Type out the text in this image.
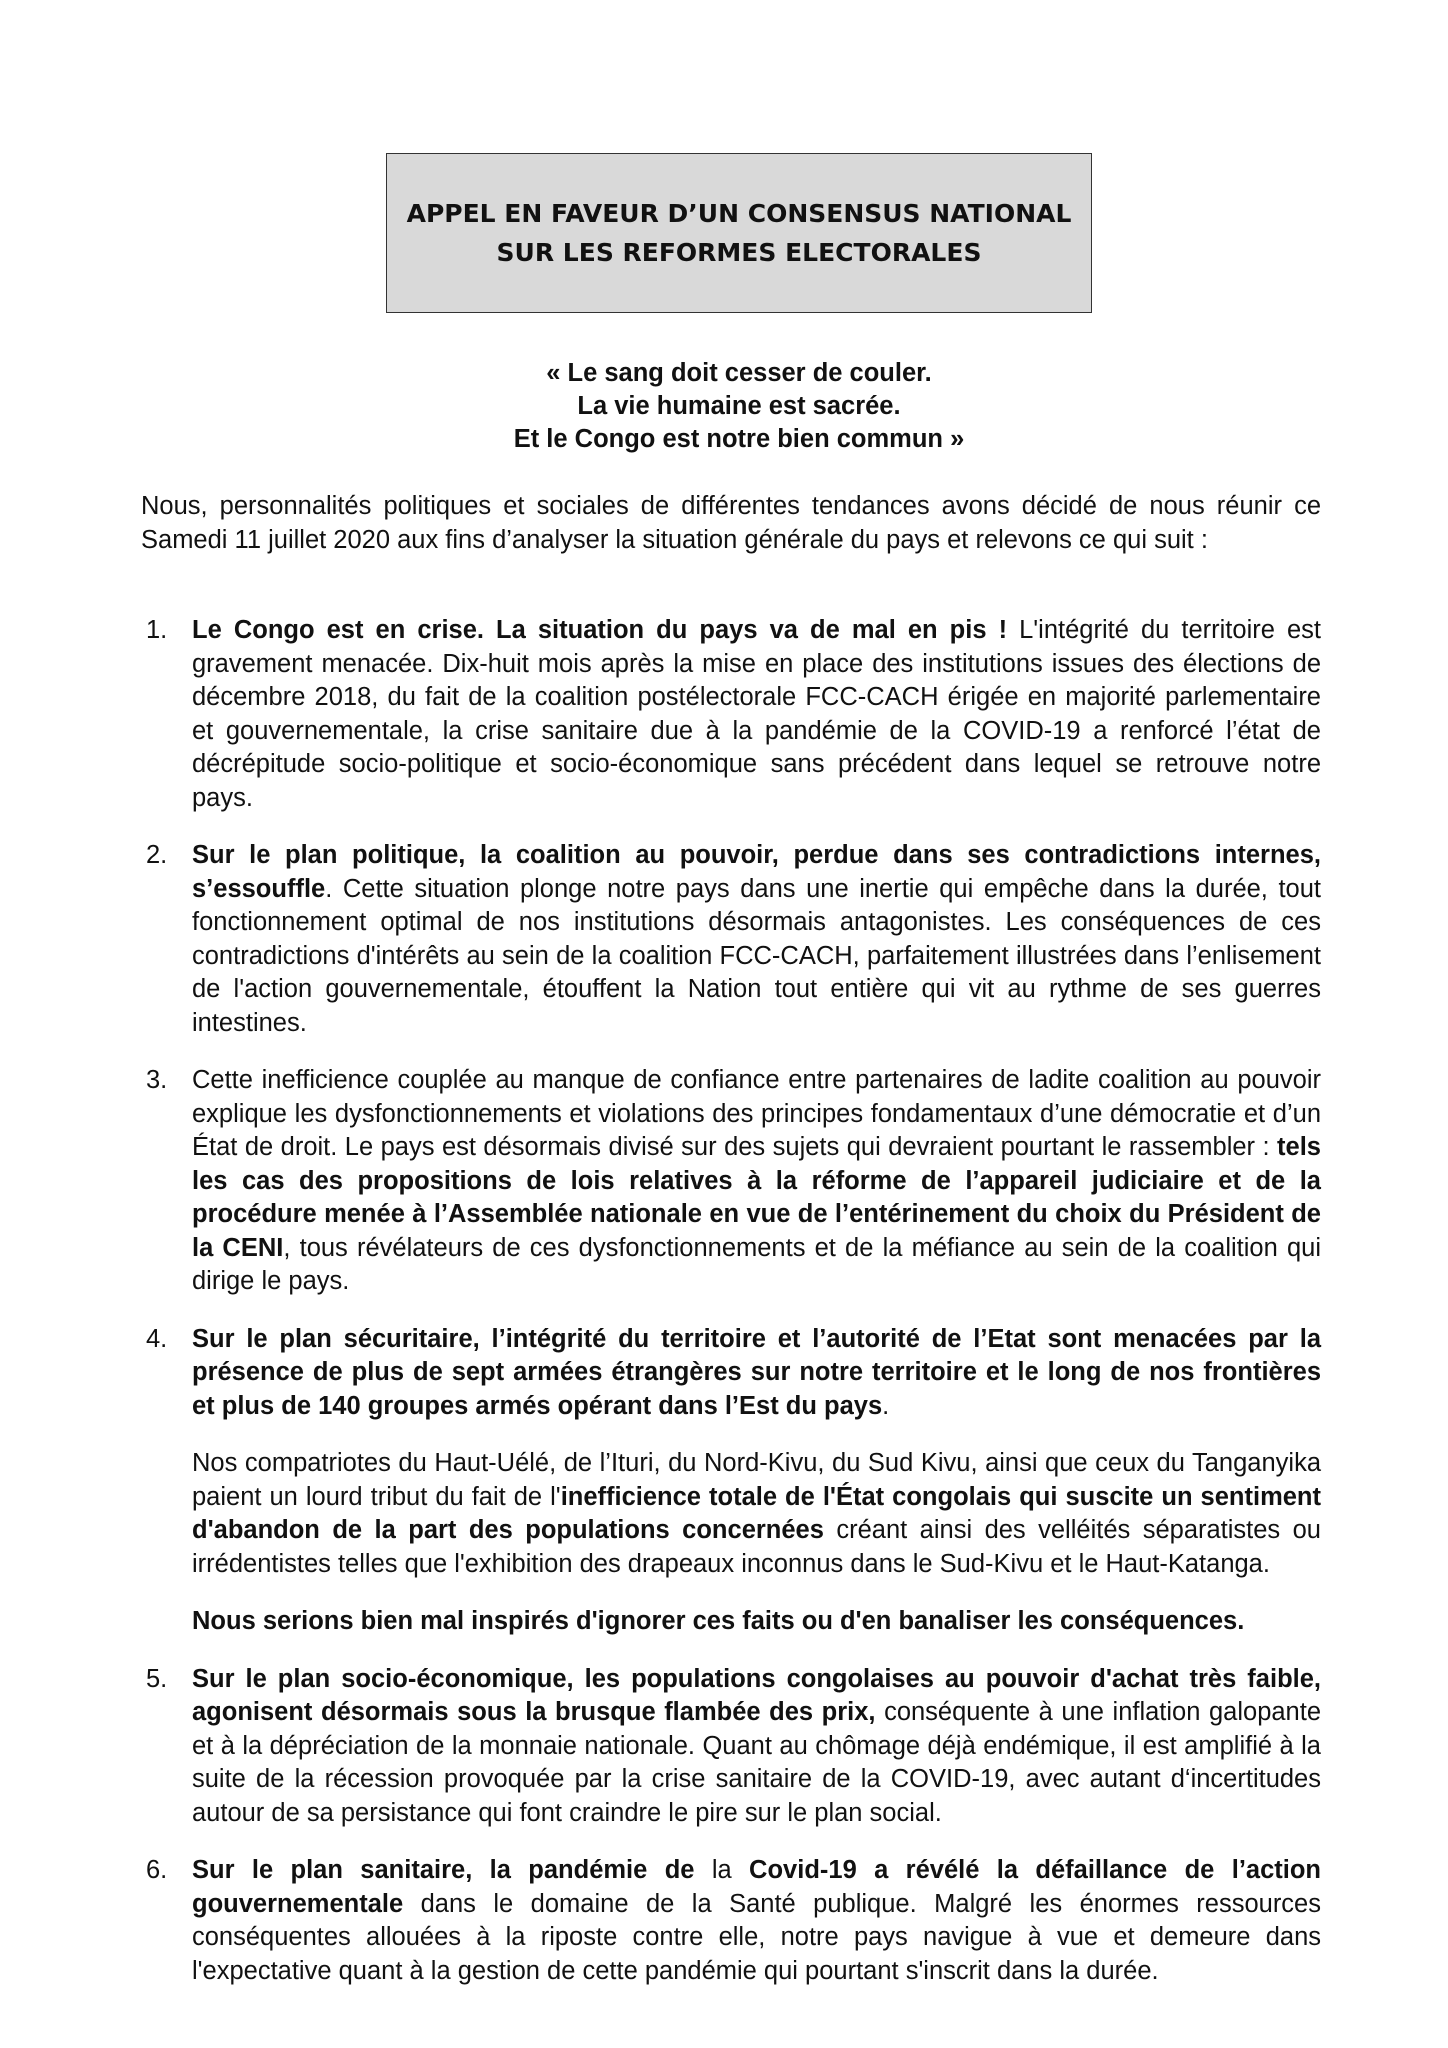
APPEL EN FAVEUR D’UN CONSENSUS NATIONAL
SUR LES REFORMES ELECTORALES
« Le sang doit cesser de couler.
La vie humaine est sacrée.
Et le Congo est notre bien commun »
Nous, personnalités politiques et sociales de différentes tendances avons décidé de nous réunir ce Samedi 11 juillet 2020 aux fins d’analyser la situation générale du pays et relevons ce qui suit :
1. Le Congo est en crise. La situation du pays va de mal en pis ! L'intégrité du territoire est gravement menacée. Dix-huit mois après la mise en place des institutions issues des élections de décembre 2018, du fait de la coalition postélectorale FCC-CACH érigée en majorité parlementaire et gouvernementale, la crise sanitaire due à la pandémie de la COVID-19 a renforcé l’état de décrépitude socio-politique et socio-économique sans précédent dans lequel se retrouve notre pays.

2. Sur le plan politique, la coalition au pouvoir, perdue dans ses contradictions internes, s’essouffle. Cette situation plonge notre pays dans une inertie qui empêche dans la durée, tout fonctionnement optimal de nos institutions désormais antagonistes. Les conséquences de ces contradictions d'intérêts au sein de la coalition FCC-CACH, parfaitement illustrées dans l’enlisement de l'action gouvernementale, étouffent la Nation tout entière qui vit au rythme de ses guerres intestines.

3. Cette inefficience couplée au manque de confiance entre partenaires de ladite coalition au pouvoir explique les dysfonctionnements et violations des principes fondamentaux d’une démocratie et d’un État de droit. Le pays est désormais divisé sur des sujets qui devraient pourtant le rassembler : tels les cas des propositions de lois relatives à la réforme de l’appareil judiciaire et de la procédure menée à l’Assemblée nationale en vue de l’entérinement du choix du Président de la CENI, tous révélateurs de ces dysfonctionnements et de la méfiance au sein de la coalition qui dirige le pays.

4. Sur le plan sécuritaire, l’intégrité du territoire et l’autorité de l’Etat sont menacées par la présence de plus de sept armées étrangères sur notre territoire et le long de nos frontières et plus de 140 groupes armés opérant dans l’Est du pays.

Nos compatriotes du Haut-Uélé, de l’Ituri, du Nord-Kivu, du Sud Kivu, ainsi que ceux du Tanganyika paient un lourd tribut du fait de l'inefficience totale de l'État congolais qui suscite un sentiment d'abandon de la part des populations concernées créant ainsi des velléités séparatistes ou irrédentistes telles que l'exhibition des drapeaux inconnus dans le Sud-Kivu et le Haut-Katanga.

Nous serions bien mal inspirés d'ignorer ces faits ou d'en banaliser les conséquences.

5. Sur le plan socio-économique, les populations congolaises au pouvoir d'achat très faible, agonisent désormais sous la brusque flambée des prix, conséquente à une inflation galopante et à la dépréciation de la monnaie nationale. Quant au chômage déjà endémique, il est amplifié à la suite de la récession provoquée par la crise sanitaire de la COVID-19, avec autant d‘incertitudes autour de sa persistance qui font craindre le pire sur le plan social.

6. Sur le plan sanitaire, la pandémie de la Covid-19 a révélé la défaillance de l’action gouvernementale dans le domaine de la Santé publique. Malgré les énormes ressources conséquentes allouées à la riposte contre elle, notre pays navigue à vue et demeure dans l'expectative quant à la gestion de cette pandémie qui pourtant s'inscrit dans la durée.
